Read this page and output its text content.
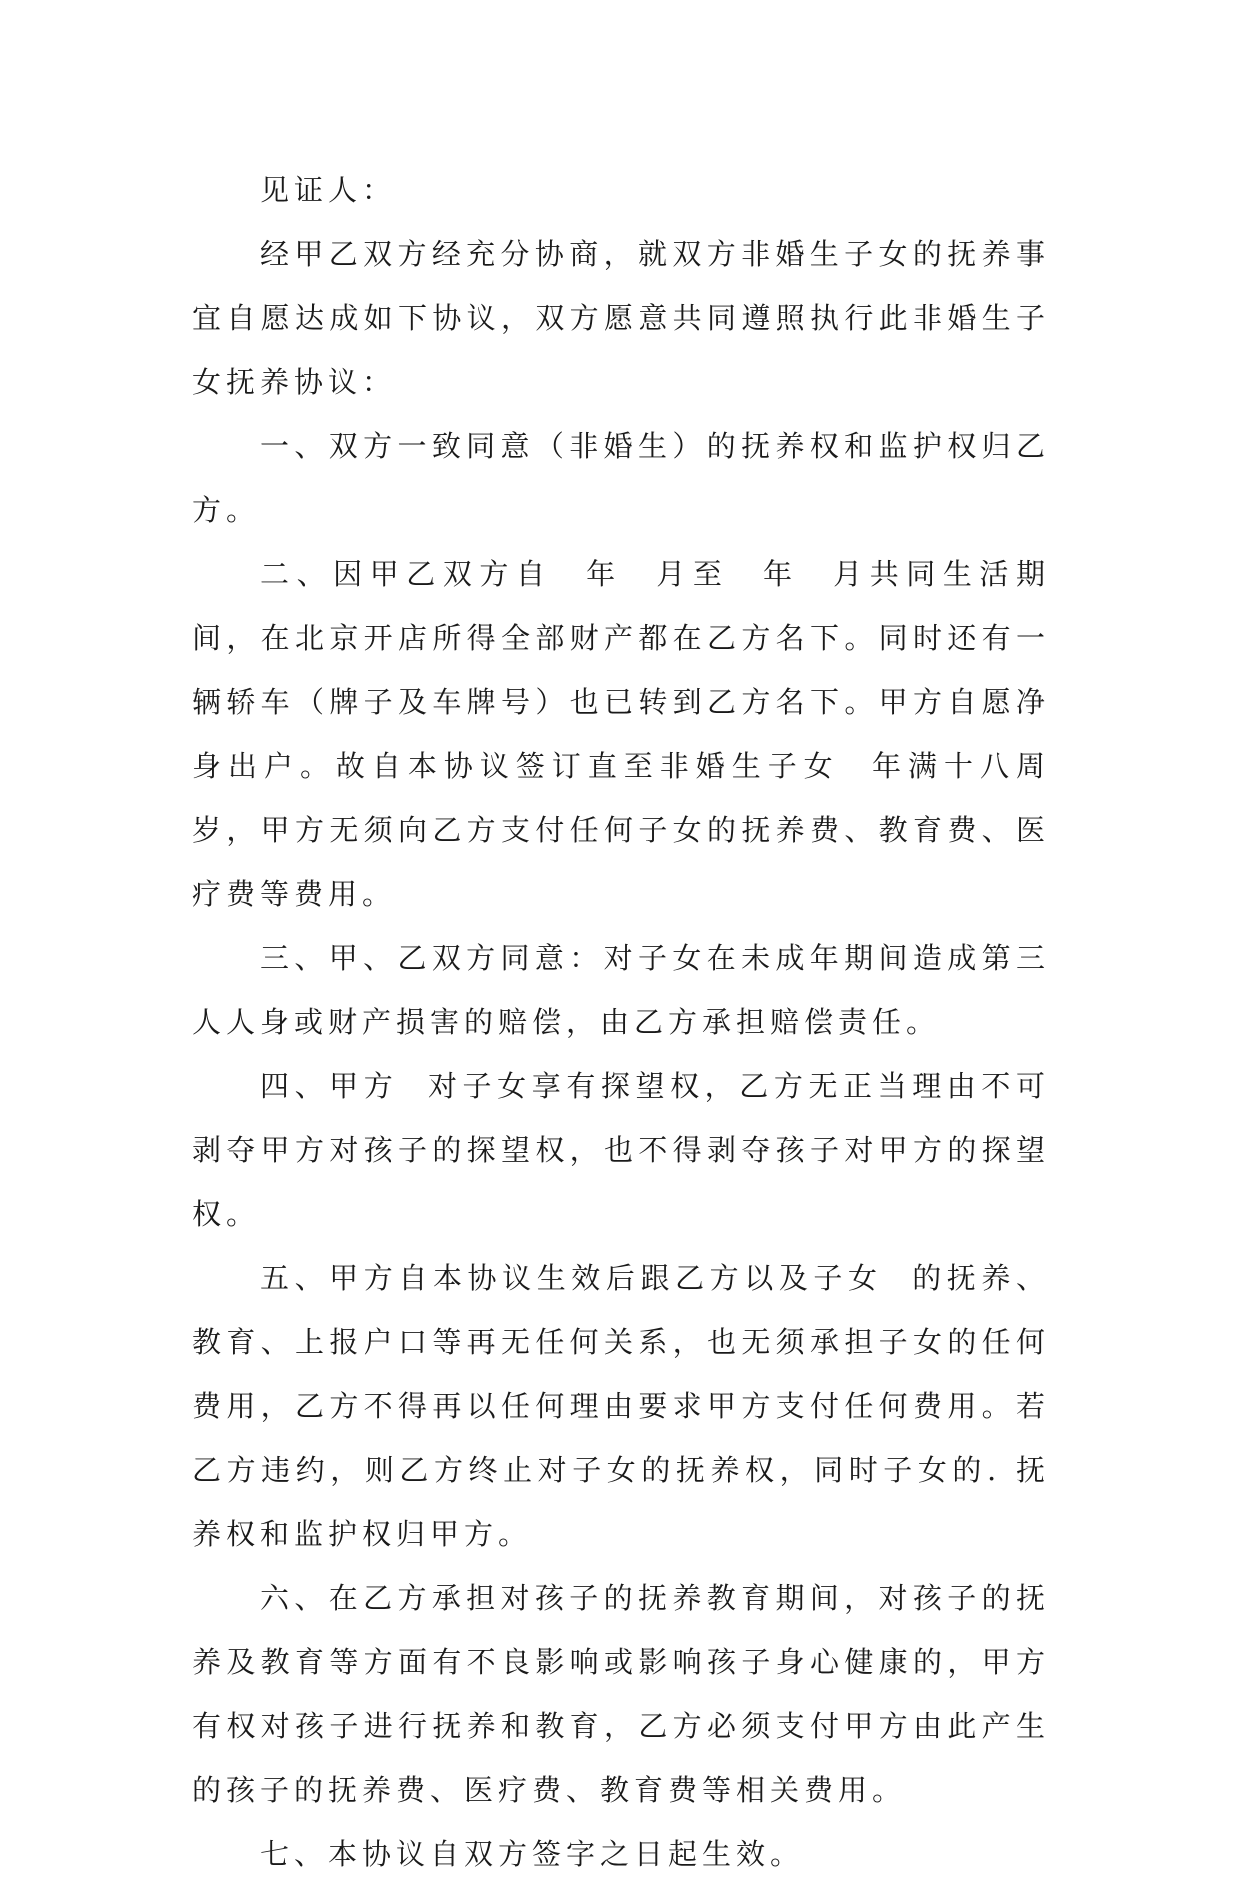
见证人：

经甲乙双方经充分协商，就双方非婚生子女的抚养事宜自愿达成如下协议，双方愿意共同遵照执行此非婚生子女抚养协议：

一、双方一致同意（非婚生）的抚养权和监护权归乙方。

二、因甲乙双方自  年  月至  年  月共同生活期间，在北京开店所得全部财产都在乙方名下。同时还有一辆轿车（牌子及车牌号）也已转到乙方名下。甲方自愿净身出户。故自本协议签订直至非婚生子女  年满十八周岁，甲方无须向乙方支付任何子女的抚养费、教育费、医疗费等费用。

三、甲、乙双方同意：对子女在未成年期间造成第三人人身或财产损害的赔偿，由乙方承担赔偿责任。

四、甲方  对子女享有探望权，乙方无正当理由不可剥夺甲方对孩子的探望权，也不得剥夺孩子对甲方的探望权。

五、甲方自本协议生效后跟乙方以及子女  的抚养、教育、上报户口等再无任何关系，也无须承担子女的任何费用，乙方不得再以任何理由要求甲方支付任何费用。若乙方违约，则乙方终止对子女的抚养权，同时子女的. 抚养权和监护权归甲方。

六、在乙方承担对孩子的抚养教育期间，对孩子的抚养及教育等方面有不良影响或影响孩子身心健康的，甲方有权对孩子进行抚养和教育，乙方必须支付甲方由此产生的孩子的抚养费、医疗费、教育费等相关费用。

七、本协议自双方签字之日起生效。
